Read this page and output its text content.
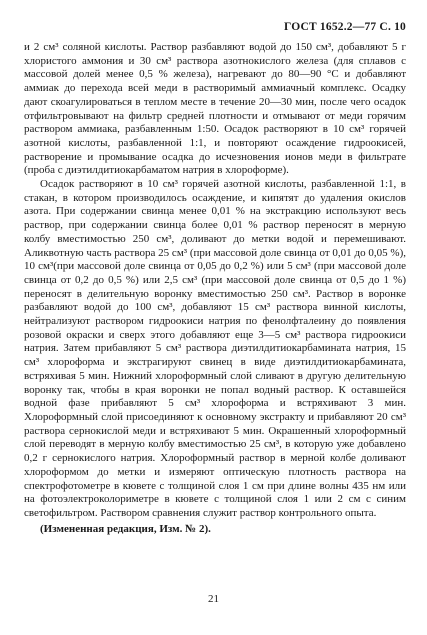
ГОСТ 1652.2—77 С. 10

и 2 см³ соляной кислоты. Раствор разбавляют водой до 150 см³, добавляют 5 г хлористого аммония и 30 см³ раствора азотнокислого железа (для сплавов с массовой долей менее 0,5 % железа), нагревают до 80—90 °С и добавляют аммиак до перехода всей меди в растворимый аммиачный комплекс. Осадку дают скоагулироваться в теплом месте в течение 20—30 мин, после чего осадок отфильтровывают на фильтр средней плотности и отмывают от меди горячим раствором аммиака, разбавленным 1:50. Осадок растворяют в 10 см³ горячей азотной кислоты, разбавленной 1:1, и повторяют осаждение гидроокисей, растворение и промывание осадка до исчезновения ионов меди в фильтрате (проба с диэтилдитиокарбаматом натрия в хлороформе).

Осадок растворяют в 10 см³ горячей азотной кислоты, разбавленной 1:1, в стакан, в котором производилось осаждение, и кипятят до удаления окислов азота. При содержании свинца менее 0,01 % на экстракцию используют весь раствор, при содержании свинца более 0,01 % раствор переносят в мерную колбу вместимостью 250 см³, доливают до метки водой и перемешивают. Аликвотную часть раствора 25 см³ (при массовой доле свинца от 0,01 до 0,05 %), 10 см³(при массовой доле свинца от 0,05 до 0,2 %) или 5 см³ (при массовой доле свинца от 0,2 до 0,5 %) или 2,5 см³ (при массовой доле свинца от 0,5 до 1 %) переносят в делительную воронку вместимостью 250 см³. Раствор в воронке разбавляют водой до 100 см³, добавляют 15 см³ раствора винной кислоты, нейтрализуют раствором гидроокиси натрия по фенолфталеину до появления розовой окраски и сверх этого добавляют еще 3—5 см³ раствора гидроокиси натрия. Затем прибавляют 5 см³ раствора диэтилдитиокарбамината натрия, 15 см³ хлороформа и экстрагируют свинец в виде диэтилдитиокарбамината, встряхивая 5 мин. Нижний хлороформный слой сливают в другую делительную воронку так, чтобы в края воронки не попал водный раствор. К оставшейся водной фазе прибавляют 5 см³ хлороформа и встряхивают 3 мин. Хлороформный слой присоединяют к основному экстракту и прибавляют 20 см³ раствора сернокислой меди и встряхивают 5 мин. Окрашенный хлороформный слой переводят в мерную колбу вместимостью 25 см³, в которую уже добавлено 0,2 г сернокислого натрия. Хлороформный раствор в мерной колбе доливают хлороформом до метки и измеряют оптическую плотность раствора на спектрофотометре в кювете с толщиной слоя 1 см при длине волны 435 нм или на фотоэлектроколориметре в кювете с толщиной слоя 1 или 2 см с синим светофильтром. Раствором сравнения служит раствор контрольного опыта.

(Измененная редакция, Изм. № 2).

21
